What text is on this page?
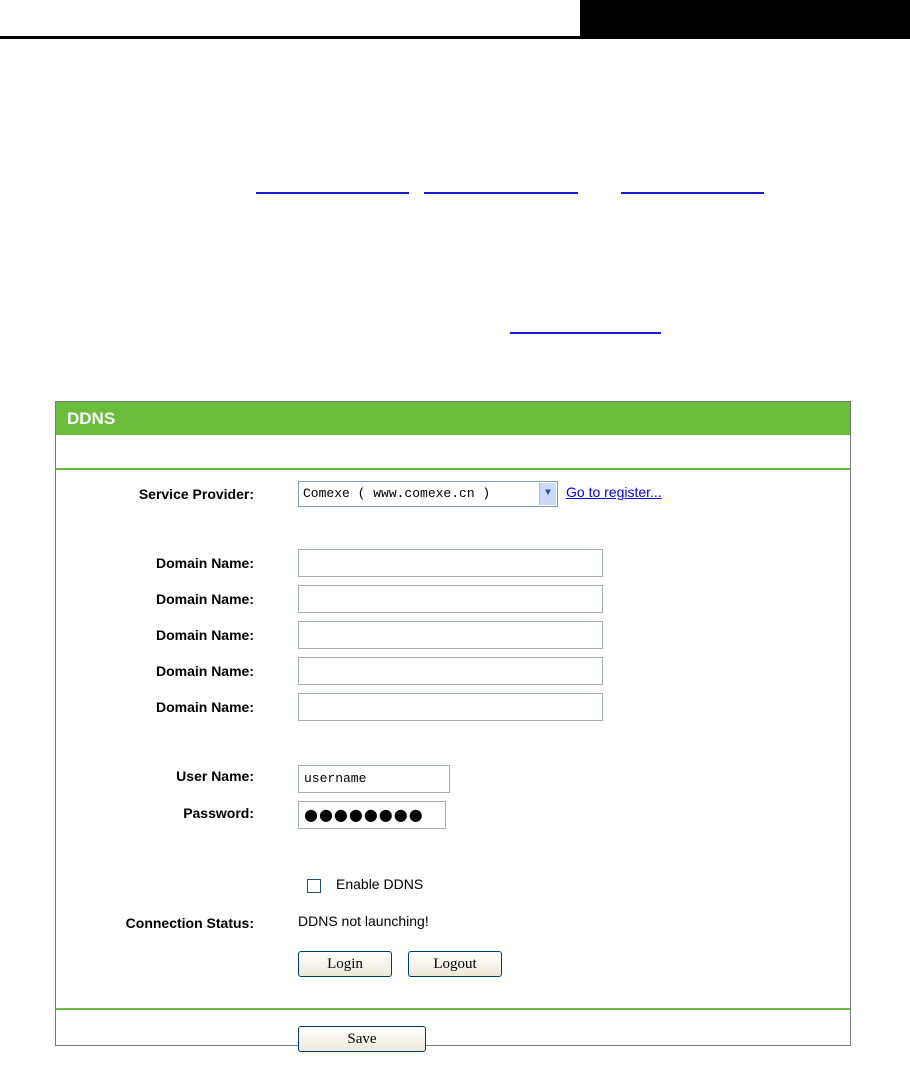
DDNS
Service Provider:	Comexe ( www.comexe.cn )	▼	Go to register...
Domain Name:
Domain Name:
Domain Name:
Domain Name:
Domain Name:
User Name:	username
Password:	●●●●●●●●
Enable DDNS
Connection Status:	DDNS not launching!
Login	Logout
Save
